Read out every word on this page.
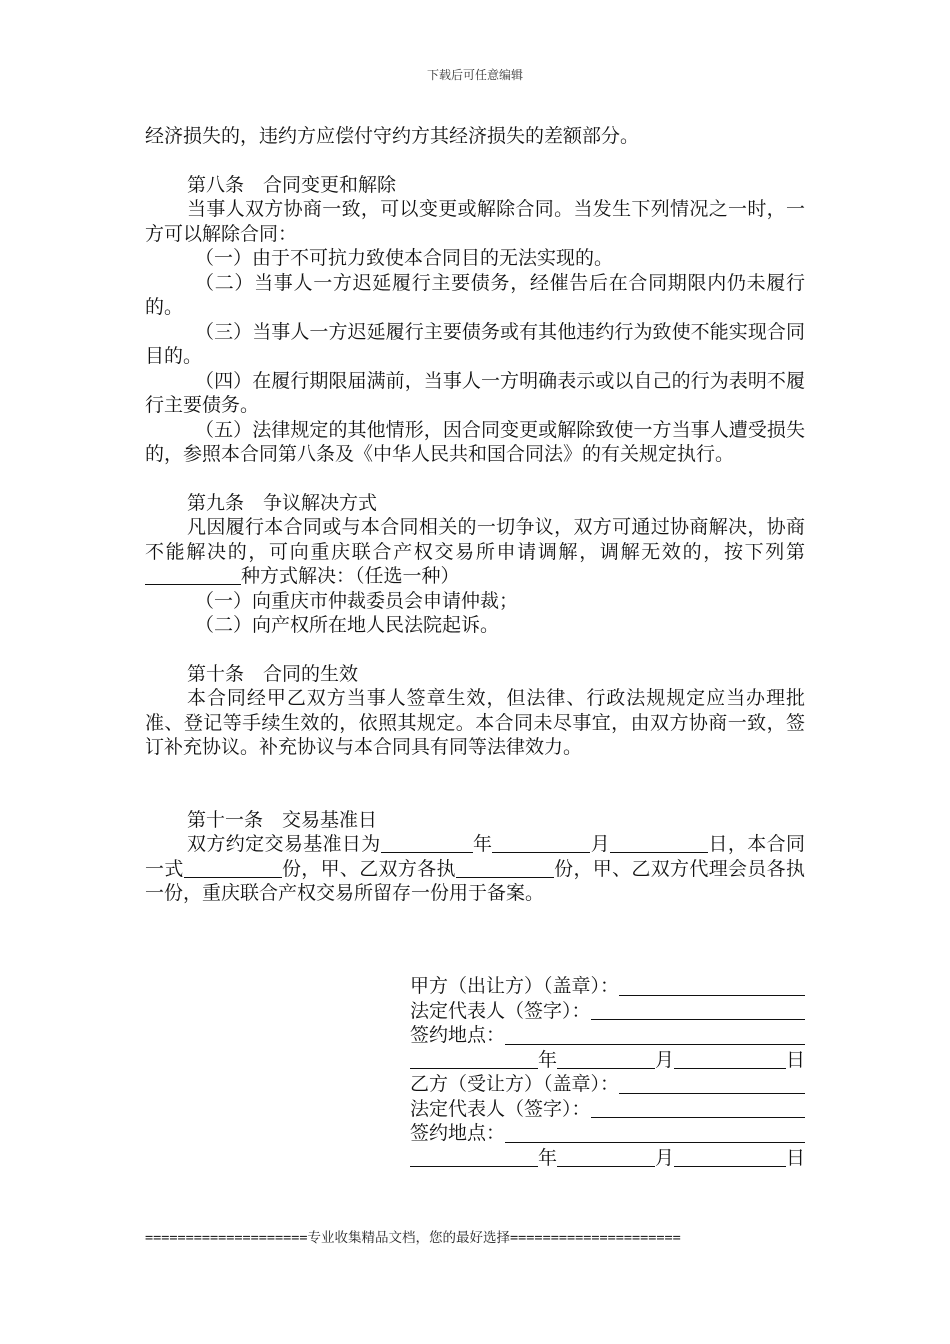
下载后可任意编辑

经济损失的，违约方应偿付守约方其经济损失的差额部分。

第八条　合同变更和解除

当事人双方协商一致，可以变更或解除合同。当发生下列情况之一时，一方可以解除合同：

（一）由于不可抗力致使本合同目的无法实现的。

（二）当事人一方迟延履行主要债务，经催告后在合同期限内仍未履行的。

（三）当事人一方迟延履行主要债务或有其他违约行为致使不能实现合同目的。

（四）在履行期限届满前，当事人一方明确表示或以自己的行为表明不履行主要债务。

（五）法律规定的其他情形，因合同变更或解除致使一方当事人遭受损失的，参照本合同第八条及《中华人民共和国合同法》的有关规定执行。

第九条　争议解决方式

凡因履行本合同或与本合同相关的一切争议，双方可通过协商解决，协商不能解决的，可向重庆联合产权交易所申请调解，调解无效的，按下列第种方式解决：（任选一种）

（一）向重庆市仲裁委员会申请仲裁；

（二）向产权所在地人民法院起诉。

第十条　合同的生效

本合同经甲乙双方当事人签章生效，但法律、行政法规规定应当办理批准、登记等手续生效的，依照其规定。本合同未尽事宜，由双方协商一致，签订补充协议。补充协议与本合同具有同等法律效力。

第十一条　交易基准日

双方约定交易基准日为	年	月	日，本合同一式	份，甲、乙双方各执	份，甲、乙双方代理会员各执一份，重庆联合产权交易所留存一份用于备案。

甲方（出让方）（盖章）：
法定代表人（签字）：
签约地点：
年	月	日
乙方（受让方）（盖章）：
法定代表人（签字）：
签约地点：
年	月	日
====================专业收集精品文档，您的最好选择=====================
